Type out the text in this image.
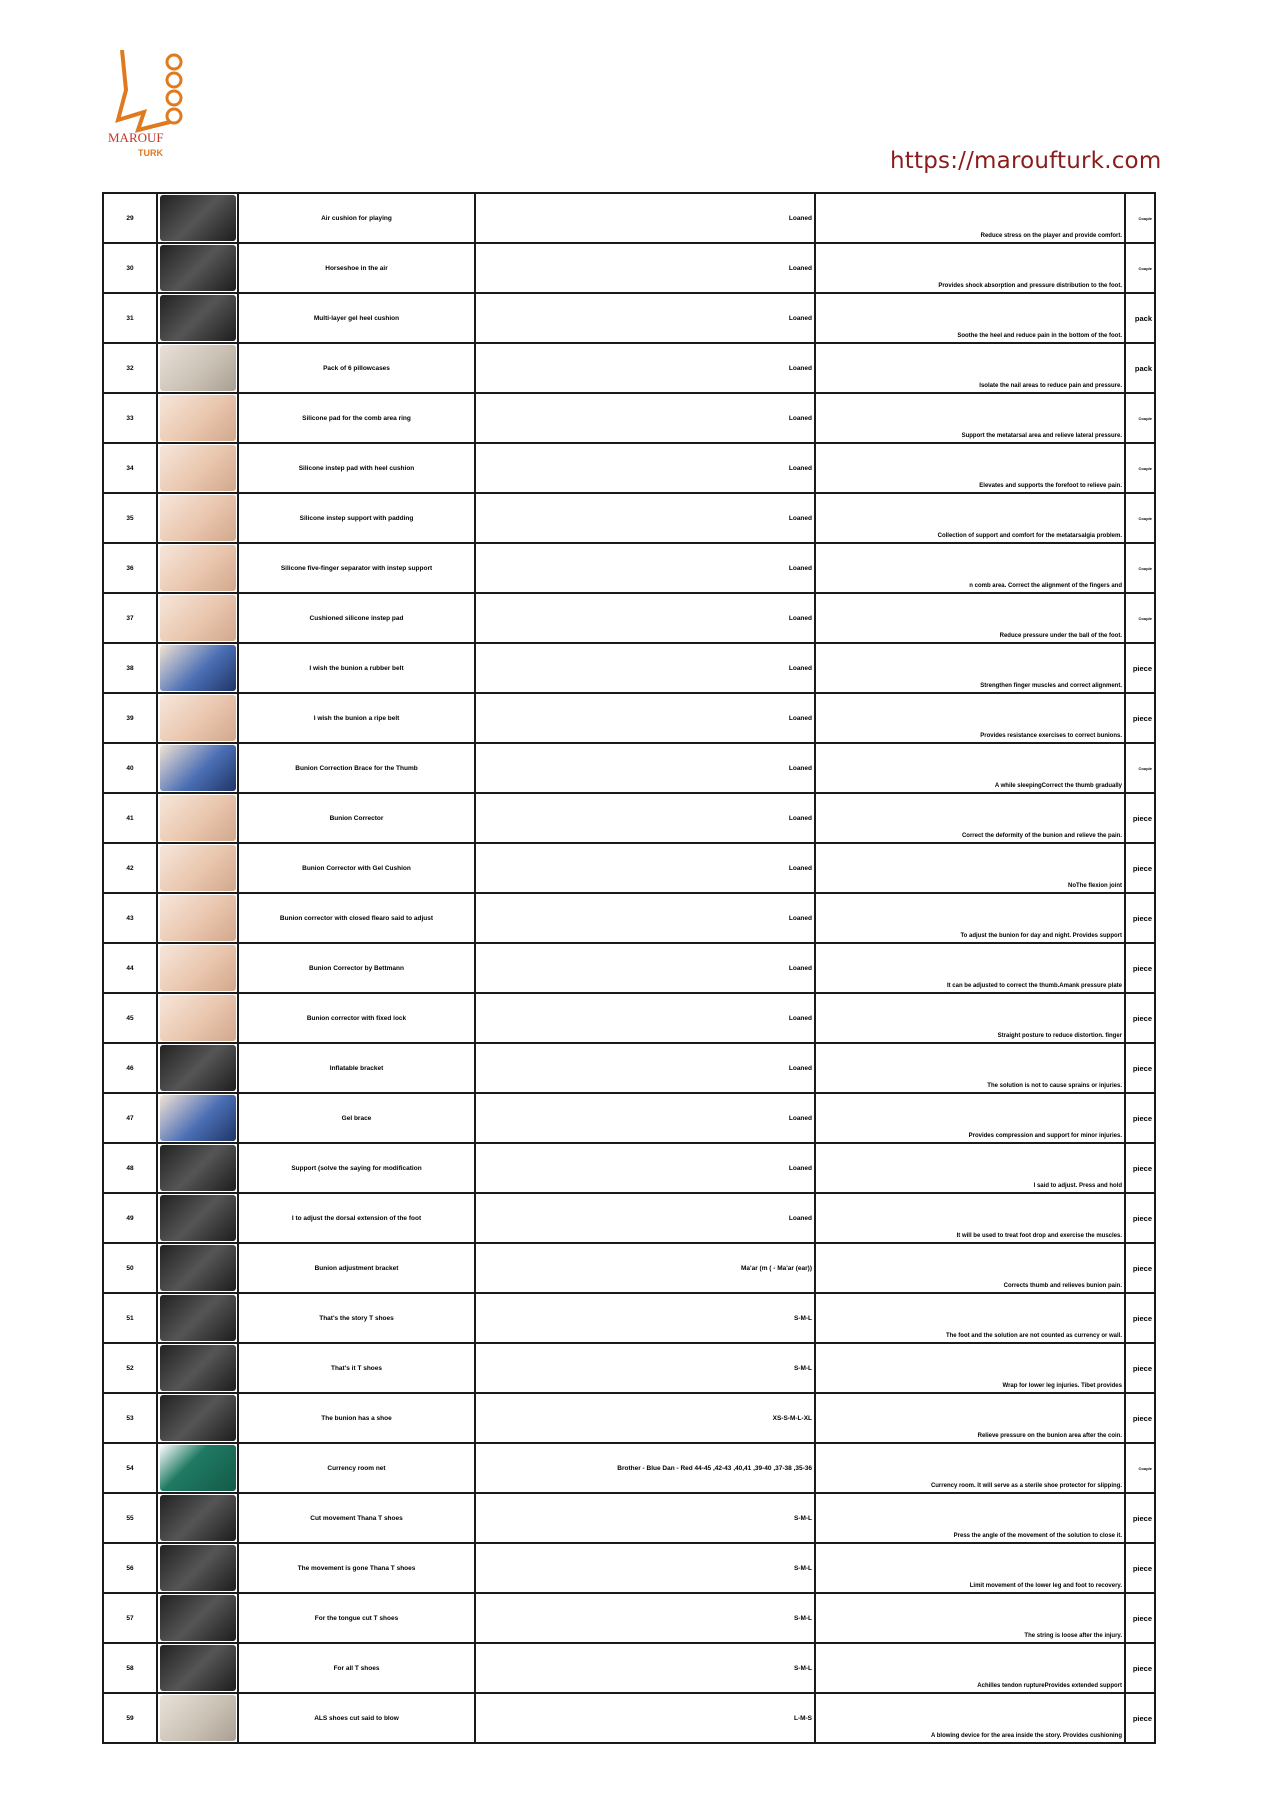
MAROUF
TURK	https://maroufturk.com
29		Air cushion for playing	Loaned	Reduce stress on the player and provide comfort.	Couple

30		Horseshoe in the air	Loaned	Provides shock absorption and pressure distribution to the foot.	Couple

31		Multi-layer gel heel cushion	Loaned	Soothe the heel and reduce pain in the bottom of the foot.	pack

32		Pack of 6 pillowcases	Loaned	Isolate the nail areas to reduce pain and pressure.	pack

33		Silicone pad for the comb area ring	Loaned	Support the metatarsal area and relieve lateral pressure.	Couple

34		Silicone instep pad with heel cushion	Loaned	Elevates and supports the forefoot to relieve pain.	Couple

35		Silicone instep support with padding	Loaned	Collection of support and comfort for the metatarsalgia problem.	Couple

36		Silicone five-finger separator with instep support	Loaned	n comb area. Correct the alignment of the fingers and	Couple

37		Cushioned silicone instep pad	Loaned	Reduce pressure under the ball of the foot.	Couple

38		I wish the bunion a rubber belt	Loaned	Strengthen finger muscles and correct alignment.	piece

39		I wish the bunion a ripe belt	Loaned	Provides resistance exercises to correct bunions.	piece

40		Bunion Correction Brace for the Thumb	Loaned	A while sleepingCorrect the thumb gradually	Couple

41		Bunion Corrector	Loaned	Correct the deformity of the bunion and relieve the pain.	piece

42		Bunion Corrector with Gel Cushion	Loaned	NoThe flexion joint	piece

43		Bunion corrector with closed flearo said to adjust	Loaned	To adjust the bunion for day and night. Provides support	piece

44		Bunion Corrector by Bettmann	Loaned	It can be adjusted to correct the thumb.Amank pressure plate	piece

45		Bunion corrector with fixed lock	Loaned	Straight posture to reduce distortion. finger	piece

46		Inflatable bracket	Loaned	The solution is not to cause sprains or injuries.	piece

47		Gel brace	Loaned	Provides compression and support for minor injuries.	piece

48		Support (solve the saying for modification	Loaned	I said to adjust. Press and hold	piece

49		I to adjust the dorsal extension of the foot	Loaned	It will be used to treat foot drop and exercise the muscles.	piece

50		Bunion adjustment bracket	Ma'ar (m ( - Ma'ar (ear))	Corrects thumb and relieves bunion pain.	piece

51		That's the story T shoes	S-M-L	The foot and the solution are not counted as currency or wall.	piece

52		That's it T shoes	S-M-L	Wrap for lower leg injuries. Tibet provides	piece

53		The bunion has a shoe	XS-S-M-L-XL	Relieve pressure on the bunion area after the coin.	piece

54		Currency room net	Brother - Blue Dan - Red 44-45 ,42-43 ,40,41 ,39-40 ,37-38 ,35-36	Currency room. It will serve as a sterile shoe protector for slipping.	Couple

55		Cut movement Thana T shoes	S-M-L	Press the angle of the movement of the solution to close it.	piece

56		The movement is gone Thana T shoes	S-M-L	Limit movement of the lower leg and foot to recovery.	piece

57		For the tongue cut T shoes	S-M-L	The string is loose after the injury.	piece

58		For all T shoes	S-M-L	Achilles tendon ruptureProvides extended support	piece

59		ALS shoes cut said to blow	L-M-S	A blowing device for the area inside the story. Provides cushioning	piece
